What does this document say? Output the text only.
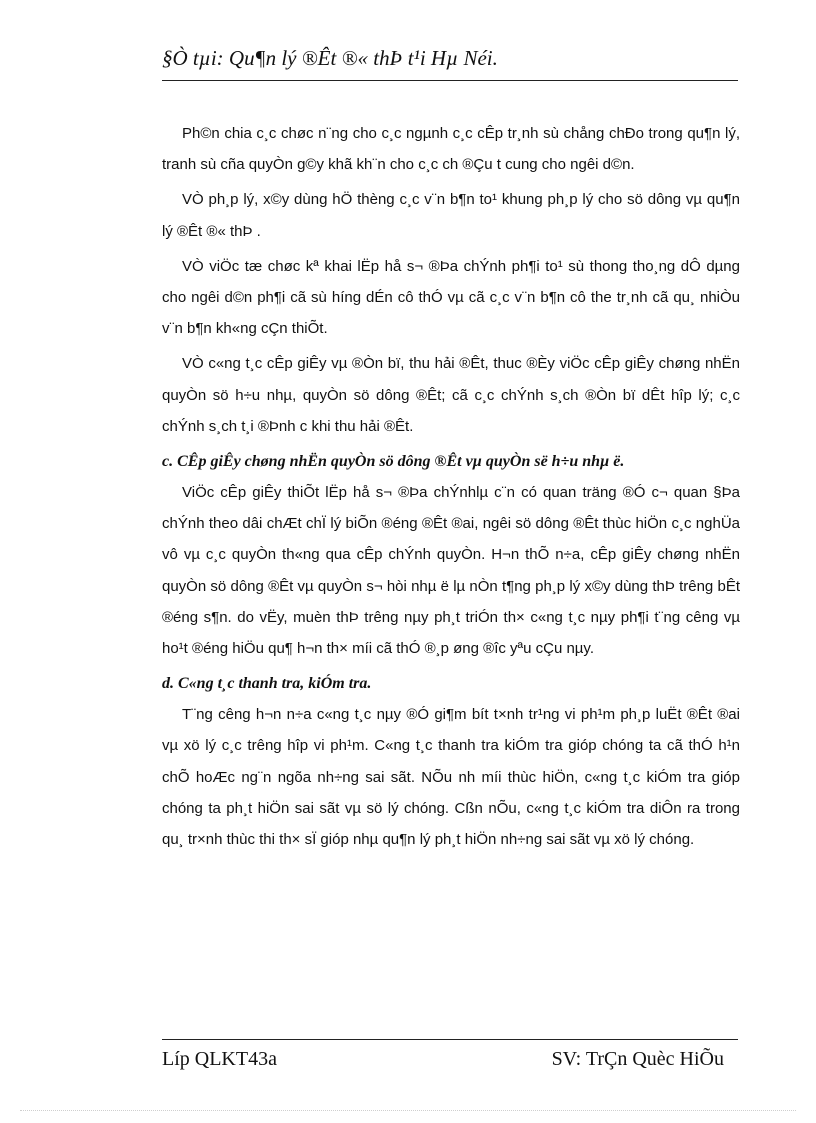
§Ò tµi: Qu¶n lý ®Êt ®« thÞ t¹i Hµ Néi.

Ph©n chia c¸c chøc n¨ng cho c¸c ngµnh c¸c cÊp tr¸nh sù chång chÐo trong qu¶n lý, tranh sù cña quyÒn g©y khã kh¨n cho c¸c ch ®Çu t cung cho ngêi d©n.

VÒ ph¸p lý, x©y dùng hÖ thèng c¸c v¨n b¶n to¹ khung ph¸p lý cho sö dông vµ qu¶n lý ®Êt ®« thÞ .

VÒ viÖc tæ chøc kª khai lËp hå s¬ ®Þa chÝnh ph¶i to¹ sù thong tho¸ng dÔ dµng cho ngêi d©n ph¶i cã sù híng dÉn cô thÓ vµ cã c¸c v¨n b¶n cô the tr¸nh cã qu¸ nhiÒu v¨n b¶n kh«ng cÇn thiÕt.

VÒ c«ng t¸c cÊp giÊy vµ ®Òn bï, thu hải ®Êt, thuc ®Èy viÖc cÊp giÊy chøng nhËn quyÒn sö h÷u nhµ, quyÒn sö dông ®Êt; cã c¸c chÝnh s¸ch ®Òn bï dÊt hîp lý; c¸c chÝnh s¸ch t¸i ®Þnh c khi thu hải ®Êt.

c. CÊp giÊy chøng nhËn quyÒn sö dông ®Êt vµ quyÒn së h÷u nhµ ë.

ViÖc cÊp giÊy thiÕt lËp hå s¬ ®Þa chÝnhlµ c¨n có quan träng ®Ó c¬ quan §Þa chÝnh theo dâi chÆt chÏ lý biÕn ®éng ®Êt ®ai, ngêi sö dông ®Êt thùc hiÖn c¸c nghÜa vô vµ c¸c quyÒn th«ng qua cÊp chÝnh quyÒn. H¬n thÕ n÷a, cÊp giÊy chøng nhËn quyÒn sö dông ®Êt vµ quyÒn s¬ hòi nhµ ë lµ nÒn t¶ng ph¸p lý x©y dùng thÞ trêng bÊt ®éng s¶n. do vËy, muèn thÞ trêng nµy ph¸t triÓn th× c«ng t¸c nµy ph¶i t¨ng cêng vµ ho¹t ®éng hiÖu qu¶ h¬n th× míi cã thÓ ®¸p øng ®îc yªu cÇu nµy.

d. C«ng t¸c thanh tra, kiÓm tra.

T¨ng cêng h¬n n÷a c«ng t¸c nµy ®Ó gi¶m bít t×nh tr¹ng vi ph¹m ph¸p luËt ®Êt ®ai vµ xö lý c¸c trêng hîp vi ph¹m. C«ng t¸c thanh tra kiÓm tra gióp chóng ta cã thÓ h¹n chÕ hoÆc ng¨n ngõa nh÷ng sai sãt. NÕu nh míi thùc hiÖn, c«ng t¸c kiÓm tra gióp chóng ta ph¸t hiÖn sai sãt vµ sö lý chóng. Cßn nÕu, c«ng t¸c kiÓm tra diÔn ra trong qu¸ tr×nh thùc thi th× sÏ gióp nhµ qu¶n lý ph¸t hiÖn nh÷ng sai sãt vµ xö lý chóng.

Líp QLKT43a	SV: TrÇn Quèc HiÕu
